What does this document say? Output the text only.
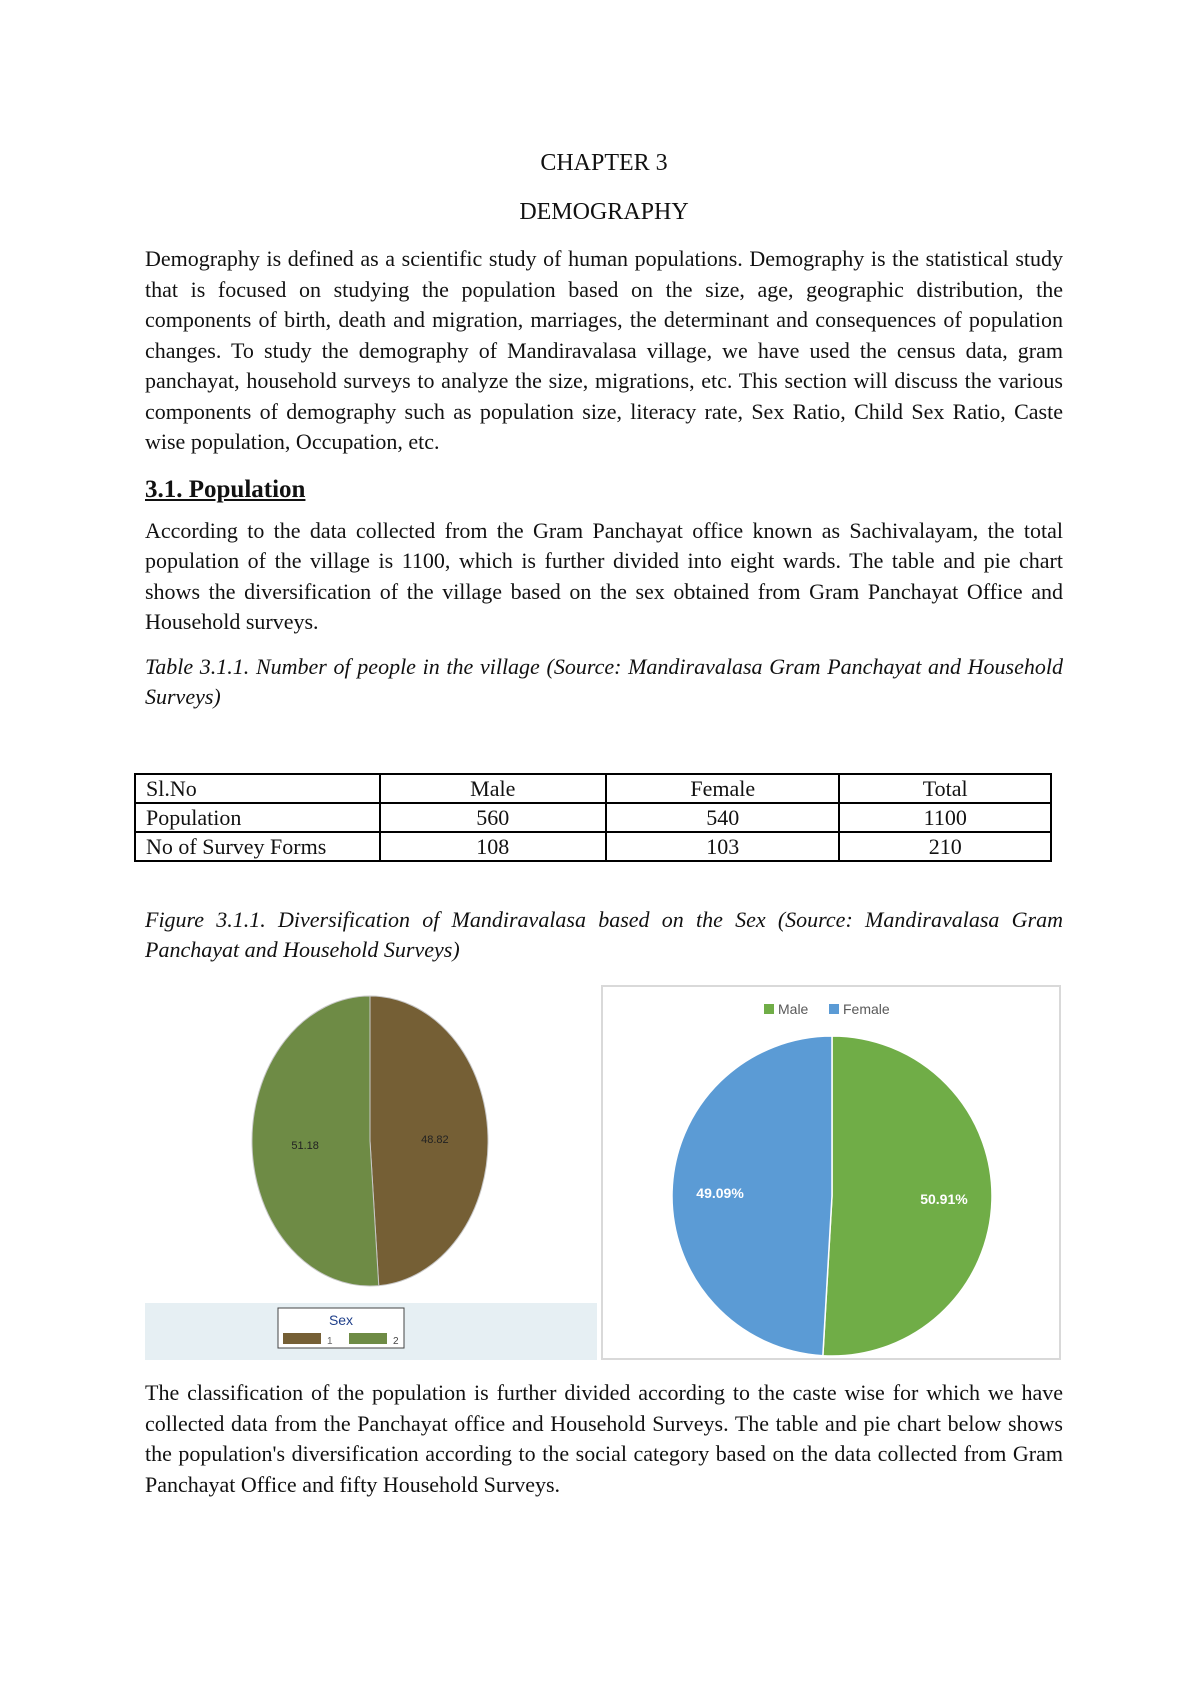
CHAPTER 3
DEMOGRAPHY

Demography is defined as a scientific study of human populations. Demography is the statistical study that is focused on studying the population based on the size, age, geographic distribution, the components of birth, death and migration, marriages, the determinant and consequences of population changes. To study the demography of Mandiravalasa village, we have used the census data, gram panchayat, household surveys to analyze the size, migrations, etc. This section will discuss the various components of demography such as population size, literacy rate, Sex Ratio, Child Sex Ratio, Caste wise population, Occupation, etc.

3.1. Population

According to the data collected from the Gram Panchayat office known as Sachivalayam, the total population of the village is 1100, which is further divided into eight wards. The table and pie chart shows the diversification of the village based on the sex obtained from Gram Panchayat Office and Household surveys.

Table 3.1.1. Number of people in the village (Source: Mandiravalasa Gram Panchayat and Household Surveys)

Sl.No	Male	Female	Total
Population	560	540	1100
No of Survey Forms	108	103	210

Figure 3.1.1. Diversification of Mandiravalasa based on the Sex (Source: Mandiravalasa Gram Panchayat and Household Surveys)

48.82
51.18
Sex
1	2
50.91%
49.09%
Male Female

The classification of the population is further divided according to the caste wise for which we have collected data from the Panchayat office and Household Surveys. The table and pie chart below shows the population's diversification according to the social category based on the data collected from Gram Panchayat Office and fifty Household Surveys.
